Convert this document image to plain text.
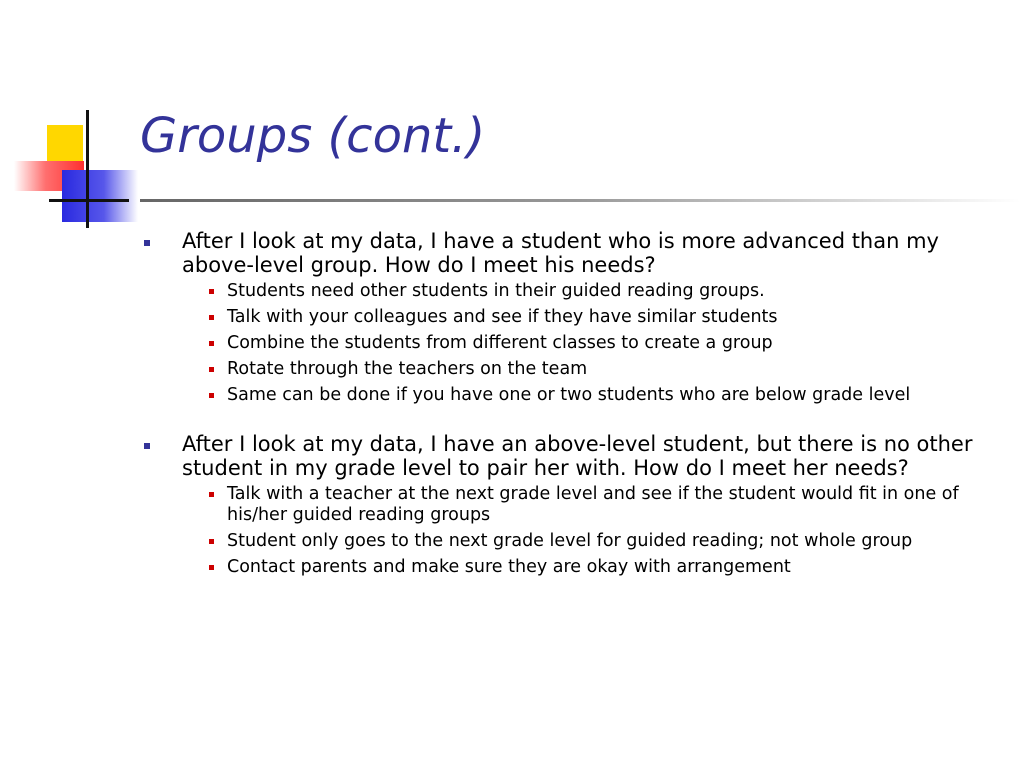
Groups (cont.)
After I look at my data, I have a student who is more advanced than my above-level group. How do I meet his needs?
Students need other students in their guided reading groups.
Talk with your colleagues and see if they have similar students
Combine the students from different classes to create a group
Rotate through the teachers on the team
Same can be done if you have one or two students who are below grade level
After I look at my data, I have an above-level student, but there is no other student in my grade level to pair her with. How do I meet her needs?
Talk with a teacher at the next grade level and see if the student would fit in one of his/her guided reading groups
Student only goes to the next grade level for guided reading; not whole group
Contact parents and make sure they are okay with arrangement
